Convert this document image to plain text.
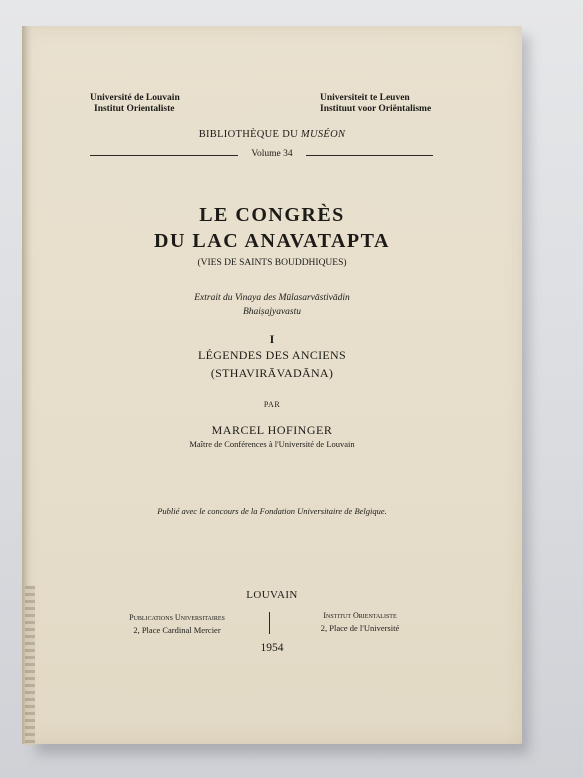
Université de Louvain
Institut Orientaliste
Universiteit te Leuven
Instituut voor Oriëntalisme
BIBLIOTHÈQUE DU MUSÉON
Volume 34
LE CONGRÈS
DU LAC ANAVATAPTA
(VIES DE SAINTS BOUDDHIQUES)
Extrait du Vinaya des Mūlasarvāstivādin
Bhaiṣajyavastu
I
LÉGENDES DES ANCIENS
(STHAVIRĀVADĀNA)
PAR
MARCEL HOFINGER
Maître de Conférences à l'Université de Louvain
Publié avec le concours de la Fondation Universitaire de Belgique.
LOUVAIN
Publications Universitaires
2, Place Cardinal Mercier
Institut Orientaliste
2, Place de l'Université
1954
